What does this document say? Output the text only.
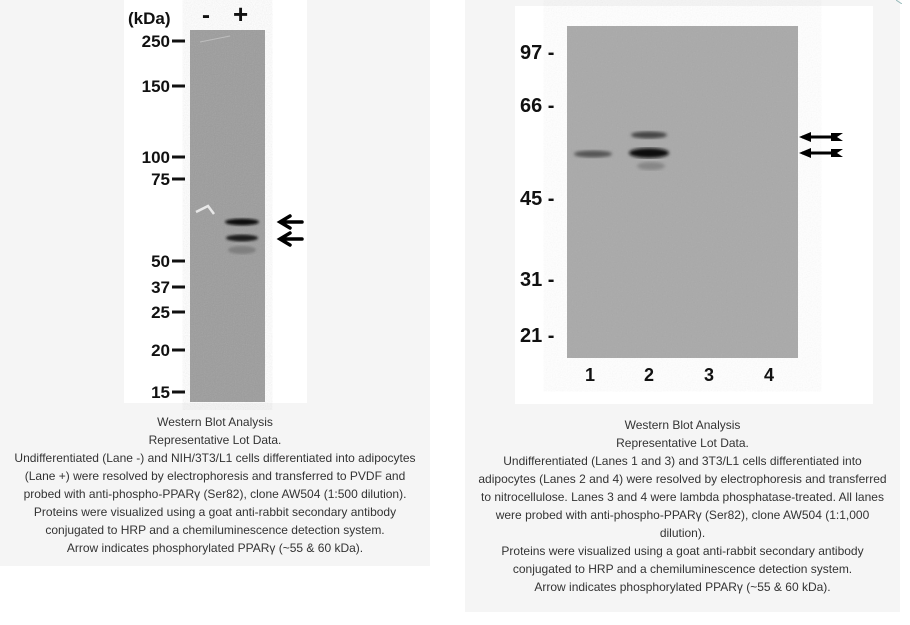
250
150
100
75
50
37
25
20
15
(kDa) - +
Western Blot Analysis
Representative Lot Data.
Undifferentiated (Lane -) and NIH/3T3/L1 cells differentiated into adipocytes
(Lane +) were resolved by electrophoresis and transferred to PVDF and
probed with anti-phospho-PPARγ (Ser82), clone AW504 (1:500 dilution).
Proteins were visualized using a goat anti-rabbit secondary antibody
conjugated to HRP and a chemiluminescence detection system.
Arrow indicates phosphorylated PPARγ (~55 & 60 kDa).
97 -
66 -
45 -
31 -
21 -
1	2	3	4
Western Blot Analysis
Representative Lot Data.
Undifferentiated (Lanes 1 and 3) and 3T3/L1 cells differentiated into
adipocytes (Lanes 2 and 4) were resolved by electrophoresis and transferred
to nitrocellulose. Lanes 3 and 4 were lambda phosphatase-treated. All lanes
were probed with anti-phospho-PPARγ (Ser82), clone AW504 (1:1,000
dilution).
Proteins were visualized using a goat anti-rabbit secondary antibody
conjugated to HRP and a chemiluminescence detection system.
Arrow indicates phosphorylated PPARγ (~55 & 60 kDa).
